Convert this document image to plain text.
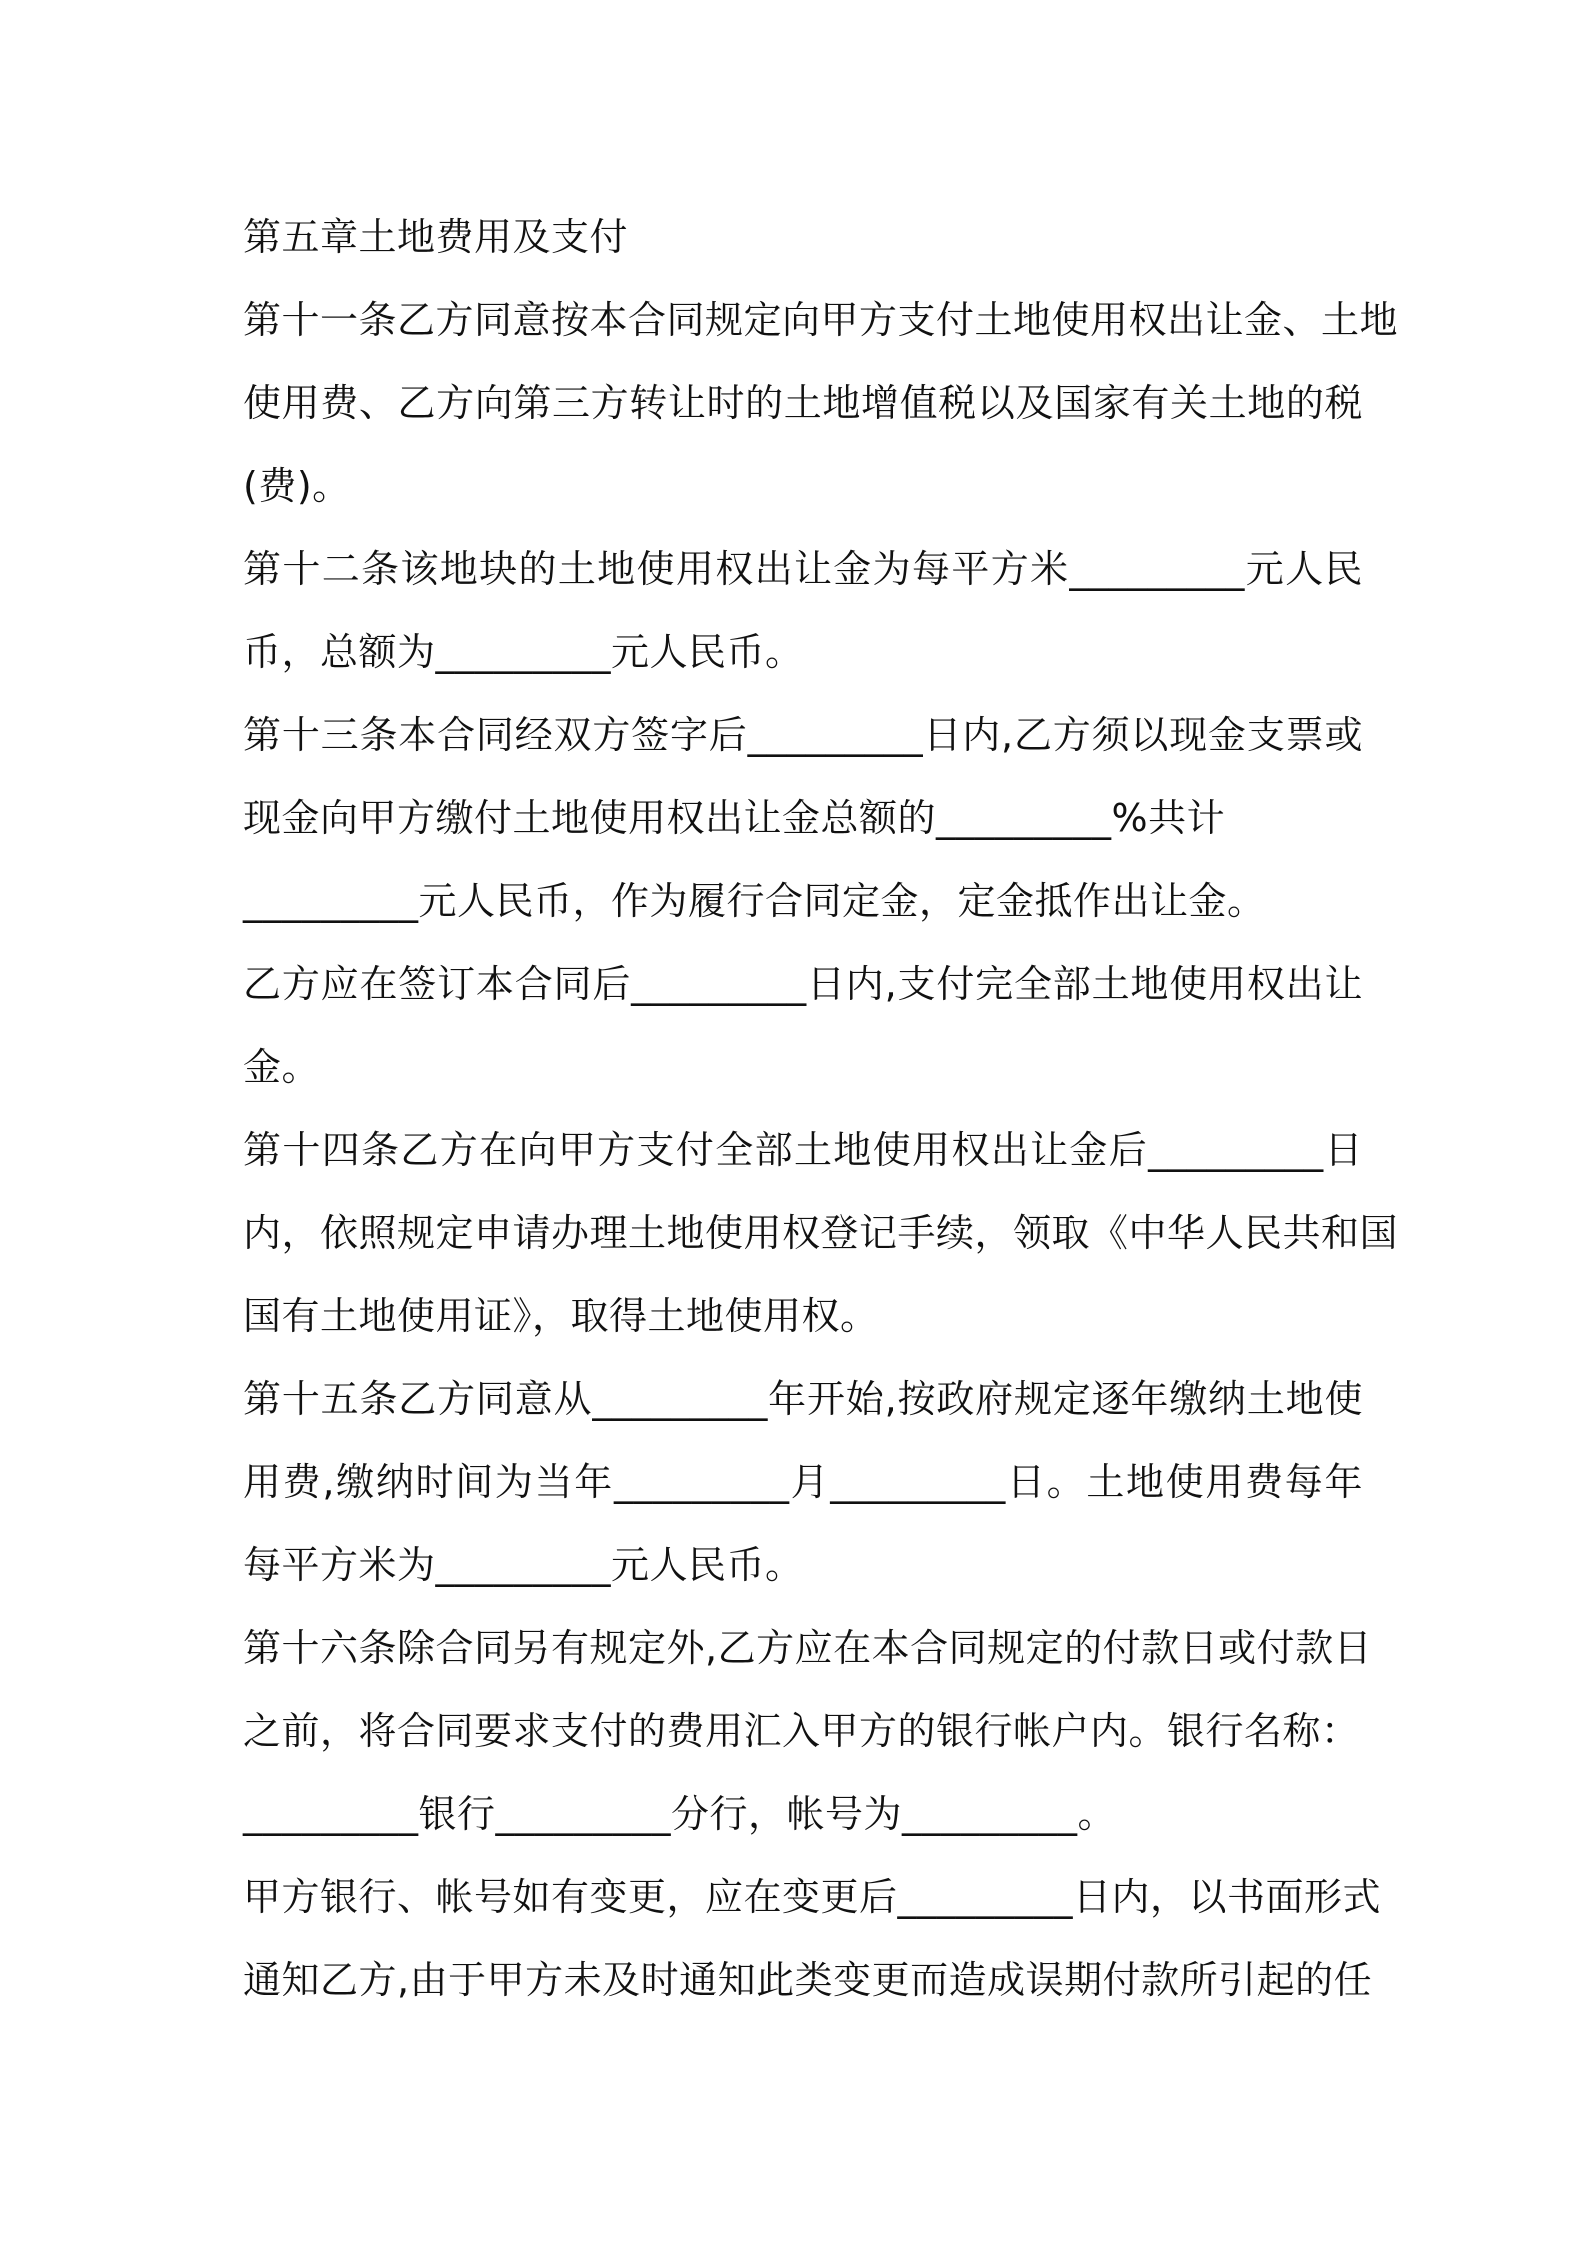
第五章土地费用及支付
第十一条乙方同意按本合同规定向甲方支付土地使用权出让金、土地
使用费、乙方向第三方转让时的土地增值税以及国家有关土地的税
(费)。
第十二条该地块的土地使用权出让金为每平方米_________元人民
币，总额为_________元人民币。
第十三条本合同经双方签字后_________日内,乙方须以现金支票或
现金向甲方缴付土地使用权出让金总额的_________%共计
_________元人民币，作为履行合同定金，定金抵作出让金。
乙方应在签订本合同后_________日内,支付完全部土地使用权出让
金。
第十四条乙方在向甲方支付全部土地使用权出让金后_________日
内，依照规定申请办理土地使用权登记手续，领取《中华人民共和国
国有土地使用证》，取得土地使用权。
第十五条乙方同意从_________年开始,按政府规定逐年缴纳土地使
用费,缴纳时间为当年_________月_________日。土地使用费每年
每平方米为_________元人民币。
第十六条除合同另有规定外,乙方应在本合同规定的付款日或付款日
之前，将合同要求支付的费用汇入甲方的银行帐户内。银行名称：
_________银行_________分行，帐号为_________。
甲方银行、帐号如有变更，应在变更后_________日内，以书面形式
通知乙方,由于甲方未及时通知此类变更而造成误期付款所引起的任
